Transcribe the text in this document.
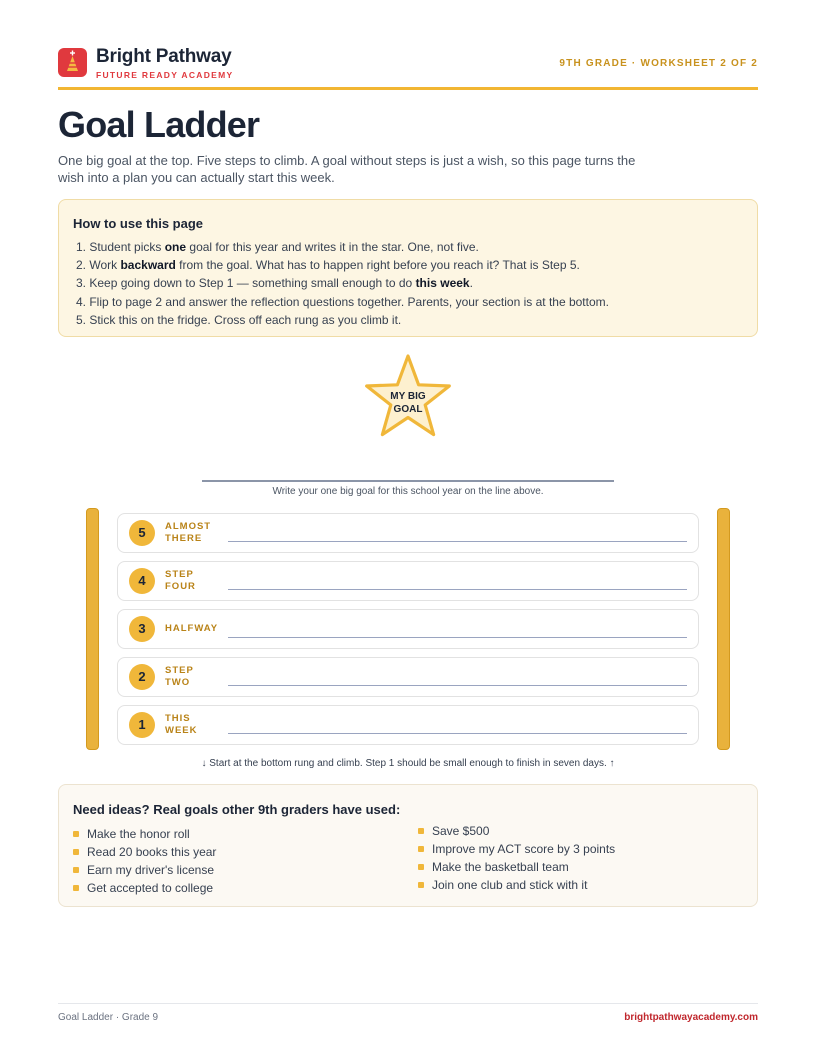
Bright Pathway
FUTURE READY ACADEMY
9TH GRADE · WORKSHEET 2 OF 2
Goal Ladder

One big goal at the top. Five steps to climb. A goal without steps is just a wish, so this page turns the wish into a plan you can actually start this week.

How to use this page
1. Student picks one goal for this year and writes it in the star. One, not five.
2. Work backward from the goal. What has to happen right before you reach it? That is Step 5.
3. Keep going down to Step 1 — something small enough to do this week.
4. Flip to page 2 and answer the reflection questions together. Parents, your section is at the bottom.
5. Stick this on the fridge. Cross off each rung as you climb it.
MY BIG
GOAL
Write your one big goal for this school year on the line above.
5	ALMOST
THERE
4	STEP
FOUR
3	HALFWAY
2	STEP
TWO
1	THIS
WEEK
↓ Start at the bottom rung and climb. Step 1 should be small enough to finish in seven days. ↑
Need ideas? Real goals other 9th graders have used:
Make the honor roll
Read 20 books this year
Earn my driver's license
Get accepted to college
Save $500
Improve my ACT score by 3 points
Make the basketball team
Join one club and stick with it
Goal Ladder · Grade 9	brightpathwayacademy.com
